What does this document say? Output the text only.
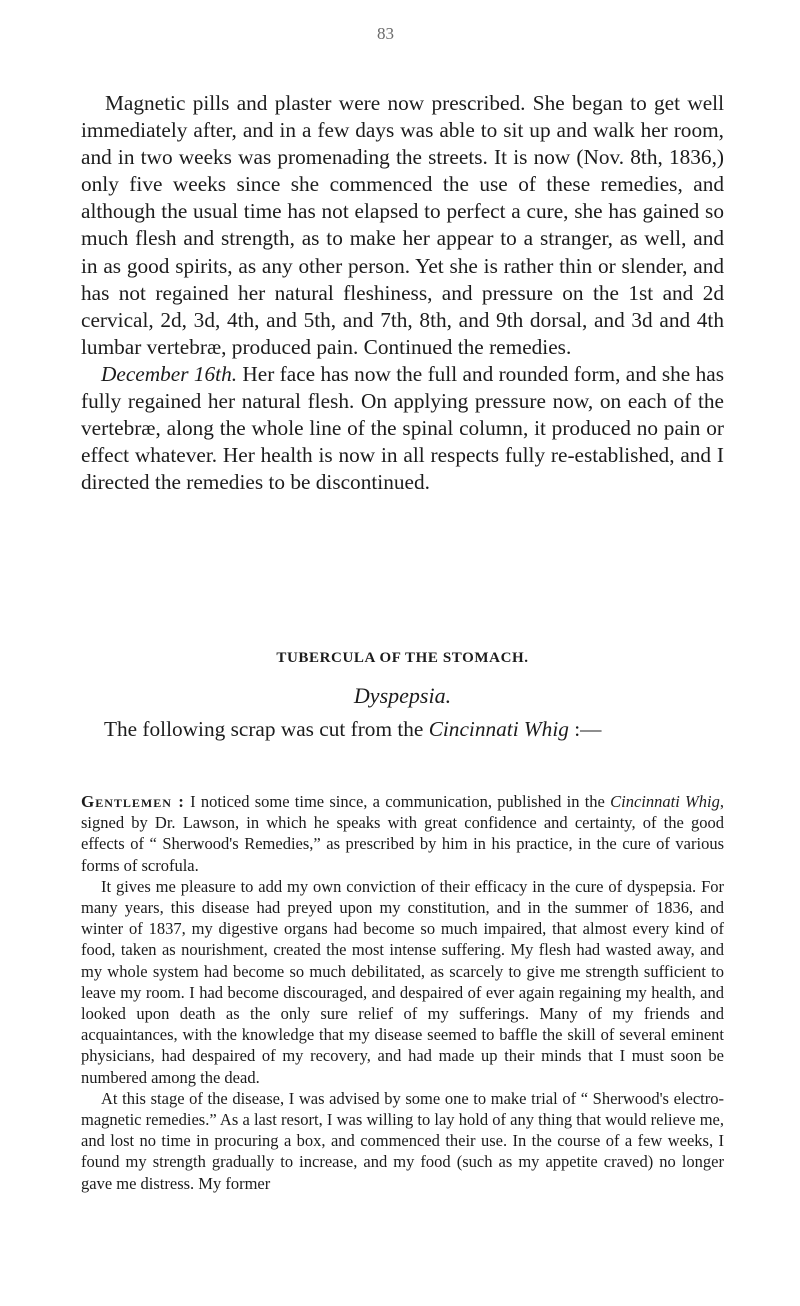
83

Magnetic pills and plaster were now prescribed. She began to get well immediately after, and in a few days was able to sit up and walk her room, and in two weeks was promenading the streets. It is now (Nov. 8th, 1836,) only five weeks since she commenced the use of these remedies, and although the usual time has not elapsed to perfect a cure, she has gained so much flesh and strength, as to make her appear to a stranger, as well, and in as good spirits, as any other person. Yet she is rather thin or slender, and has not regained her natural fleshiness, and pressure on the 1st and 2d cervical, 2d, 3d, 4th, and 5th, and 7th, 8th, and 9th dorsal, and 3d and 4th lumbar vertebræ, produced pain. Continued the remedies.

December 16th. Her face has now the full and rounded form, and she has fully regained her natural flesh. On applying pressure now, on each of the vertebræ, along the whole line of the spinal column, it produced no pain or effect whatever. Her health is now in all respects fully re-established, and I directed the remedies to be discontinued.

TUBERCULA OF THE STOMACH.
Dyspepsia.
The following scrap was cut from the Cincinnati Whig :—

Gentlemen : I noticed some time since, a communication, published in the Cincinnati Whig, signed by Dr. Lawson, in which he speaks with great confidence and certainty, of the good effects of “ Sherwood's Remedies,” as prescribed by him in his practice, in the cure of various forms of scrofula.

It gives me pleasure to add my own conviction of their efficacy in the cure of dyspepsia. For many years, this disease had preyed upon my constitution, and in the summer of 1836, and winter of 1837, my digestive organs had become so much impaired, that almost every kind of food, taken as nourishment, created the most intense suffering. My flesh had wasted away, and my whole system had become so much debilitated, as scarcely to give me strength sufficient to leave my room. I had become discouraged, and despaired of ever again regaining my health, and looked upon death as the only sure relief of my sufferings. Many of my friends and acquaintances, with the knowledge that my disease seemed to baffle the skill of several eminent physicians, had despaired of my recovery, and had made up their minds that I must soon be numbered among the dead.

At this stage of the disease, I was advised by some one to make trial of “ Sherwood's electro-magnetic remedies.” As a last resort, I was willing to lay hold of any thing that would relieve me, and lost no time in procuring a box, and commenced their use. In the course of a few weeks, I found my strength gradually to increase, and my food (such as my appetite craved) no longer gave me distress. My former
